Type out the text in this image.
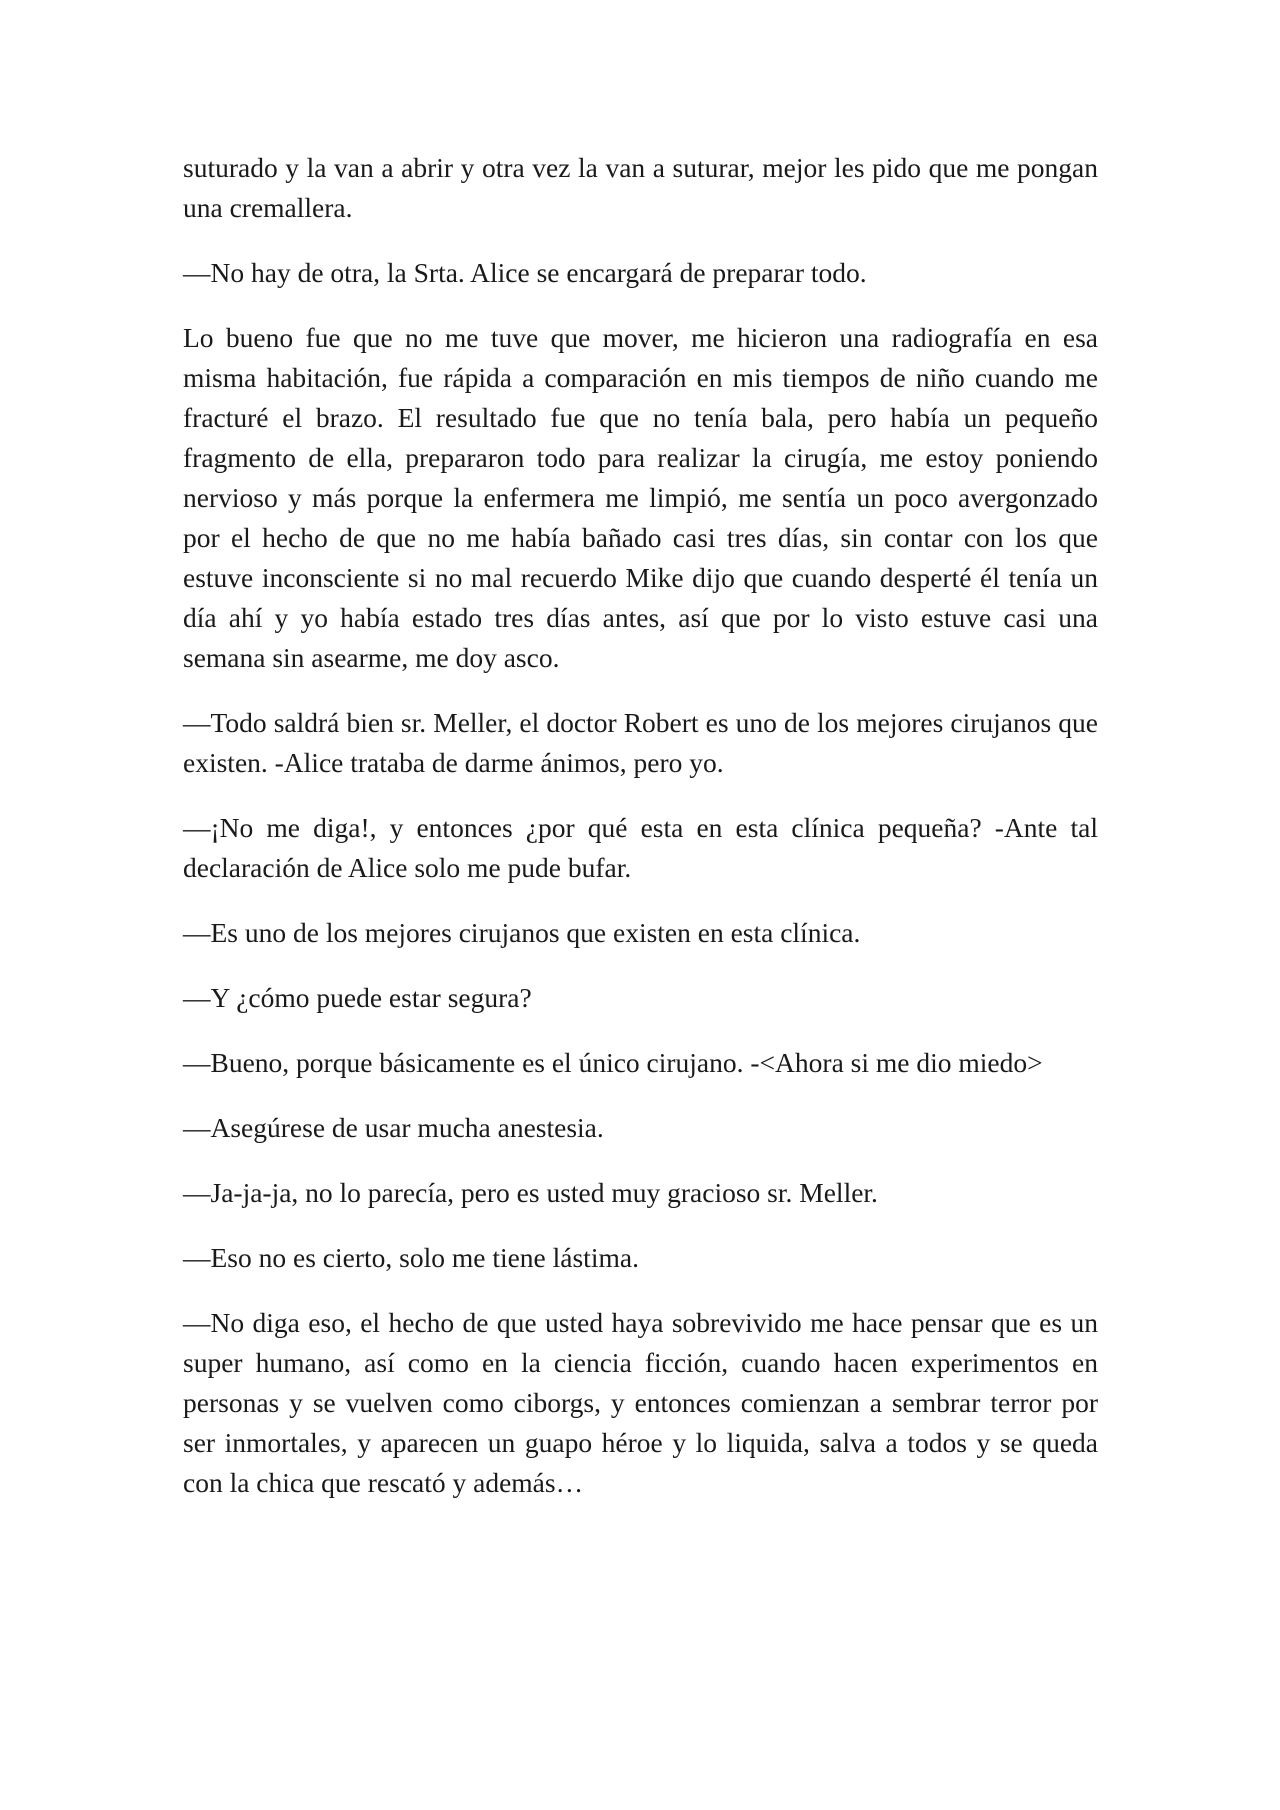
suturado y la van a abrir y otra vez la van a suturar, mejor les pido que me pongan una cremallera.

—No hay de otra, la Srta. Alice se encargará de preparar todo.

Lo bueno fue que no me tuve que mover, me hicieron una radiografía en esa misma habitación, fue rápida a comparación en mis tiempos de niño cuando me fracturé el brazo. El resultado fue que no tenía bala, pero había un pequeño fragmento de ella, prepararon todo para realizar la cirugía, me estoy poniendo nervioso y más porque la enfermera me limpió, me sentía un poco avergonzado por el hecho de que no me había bañado casi tres días, sin contar con los que estuve inconsciente si no mal recuerdo Mike dijo que cuando desperté él tenía un día ahí y yo había estado tres días antes, así que por lo visto estuve casi una semana sin asearme, me doy asco.

—Todo saldrá bien sr. Meller, el doctor Robert es uno de los mejores cirujanos que existen. -Alice trataba de darme ánimos, pero yo.

—¡No me diga!, y entonces ¿por qué esta en esta clínica pequeña? -Ante tal declaración de Alice solo me pude bufar.

—Es uno de los mejores cirujanos que existen en esta clínica.

—Y ¿cómo puede estar segura?

—Bueno, porque básicamente es el único cirujano. -<Ahora si me dio miedo>

—Asegúrese de usar mucha anestesia.

—Ja-ja-ja, no lo parecía, pero es usted muy gracioso sr. Meller.

—Eso no es cierto, solo me tiene lástima.

—No diga eso, el hecho de que usted haya sobrevivido me hace pensar que es un super humano, así como en la ciencia ficción, cuando hacen experimentos en personas y se vuelven como ciborgs, y entonces comienzan a sembrar terror por ser inmortales, y aparecen un guapo héroe y lo liquida, salva a todos y se queda con la chica que rescató y además…
